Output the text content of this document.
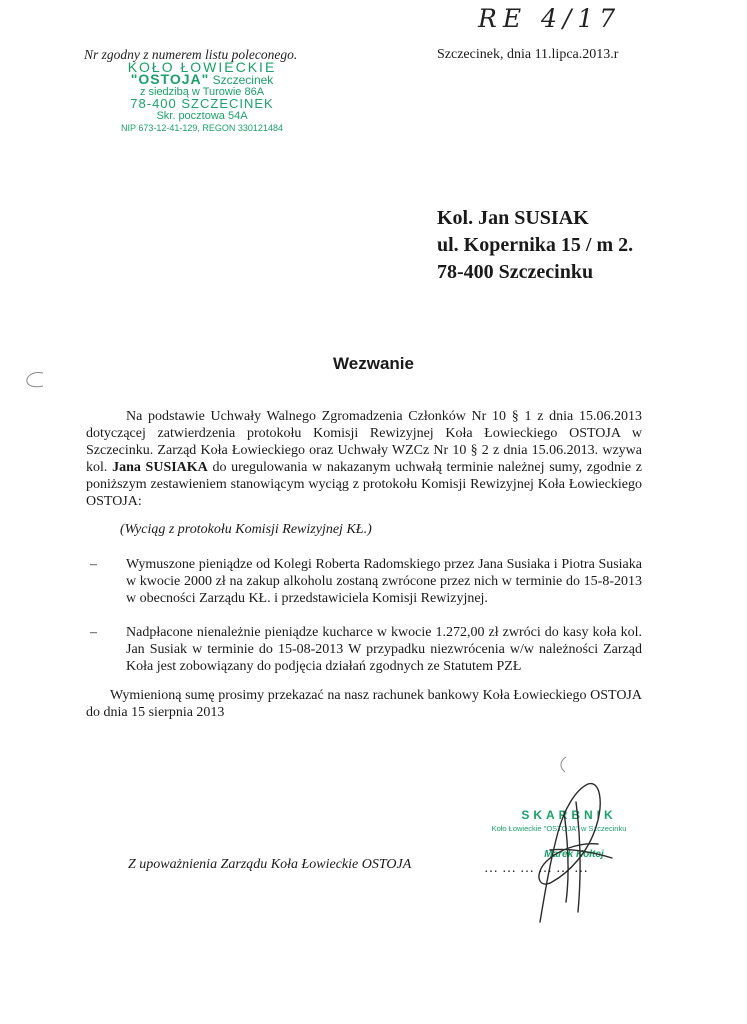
RE 4/17
Nr zgodny z numerem listu poleconego.
KOŁO ŁOWIECKIE
"OSTOJA" Szczecinek
z siedzibą w Turowie 86A
78-400 SZCZECINEK
Skr. pocztowa 54A
NIP 673-12-41-129, REGON 330121484
Szczecinek, dnia 11.lipca.2013.r
Kol. Jan SUSIAK
ul. Kopernika 15 / m 2.
78-400 Szczecinku
Wezwanie
Na podstawie Uchwały Walnego Zgromadzenia Członków Nr 10 § 1 z dnia 15.06.2013 dotyczącej zatwierdzenia protokołu Komisji Rewizyjnej Koła Łowieckiego OSTOJA w Szczecinku. Zarząd Koła Łowieckiego oraz Uchwały WZCz Nr 10 § 2 z dnia 15.06.2013. wzywa kol. Jana SUSIAKA do uregulowania w nakazanym uchwałą terminie należnej sumy, zgodnie z poniższym zestawieniem stanowiącym wyciąg z protokołu Komisji Rewizyjnej Koła Łowieckiego OSTOJA:
(Wyciąg z protokołu Komisji Rewizyjnej KŁ.)
– Wymuszone pieniądze od Kolegi Roberta Radomskiego przez Jana Susiaka i Piotra Susiaka w kwocie 2000 zł na zakup alkoholu zostaną zwrócone przez nich w terminie do 15-8-2013 w obecności Zarządu KŁ. i przedstawiciela Komisji Rewizyjnej.
– Nadpłacone nienależnie pieniądze kucharce w kwocie 1.272,00 zł zwróci do kasy koła kol. Jan Susiak w terminie do 15-08-2013 W przypadku niezwrócenia w/w należności Zarząd Koła jest zobowiązany do podjęcia działań zgodnych ze Statutem PZŁ
Wymienioną sumę prosimy przekazać na nasz rachunek bankowy Koła Łowieckiego OSTOJA do dnia 15 sierpnia 2013
SKARBNIK
Koło Łowieckie "OSTOJA" w Szczecinku
Marek Kołtej
Z upoważnienia Zarządu Koła Łowieckie OSTOJA	………………
